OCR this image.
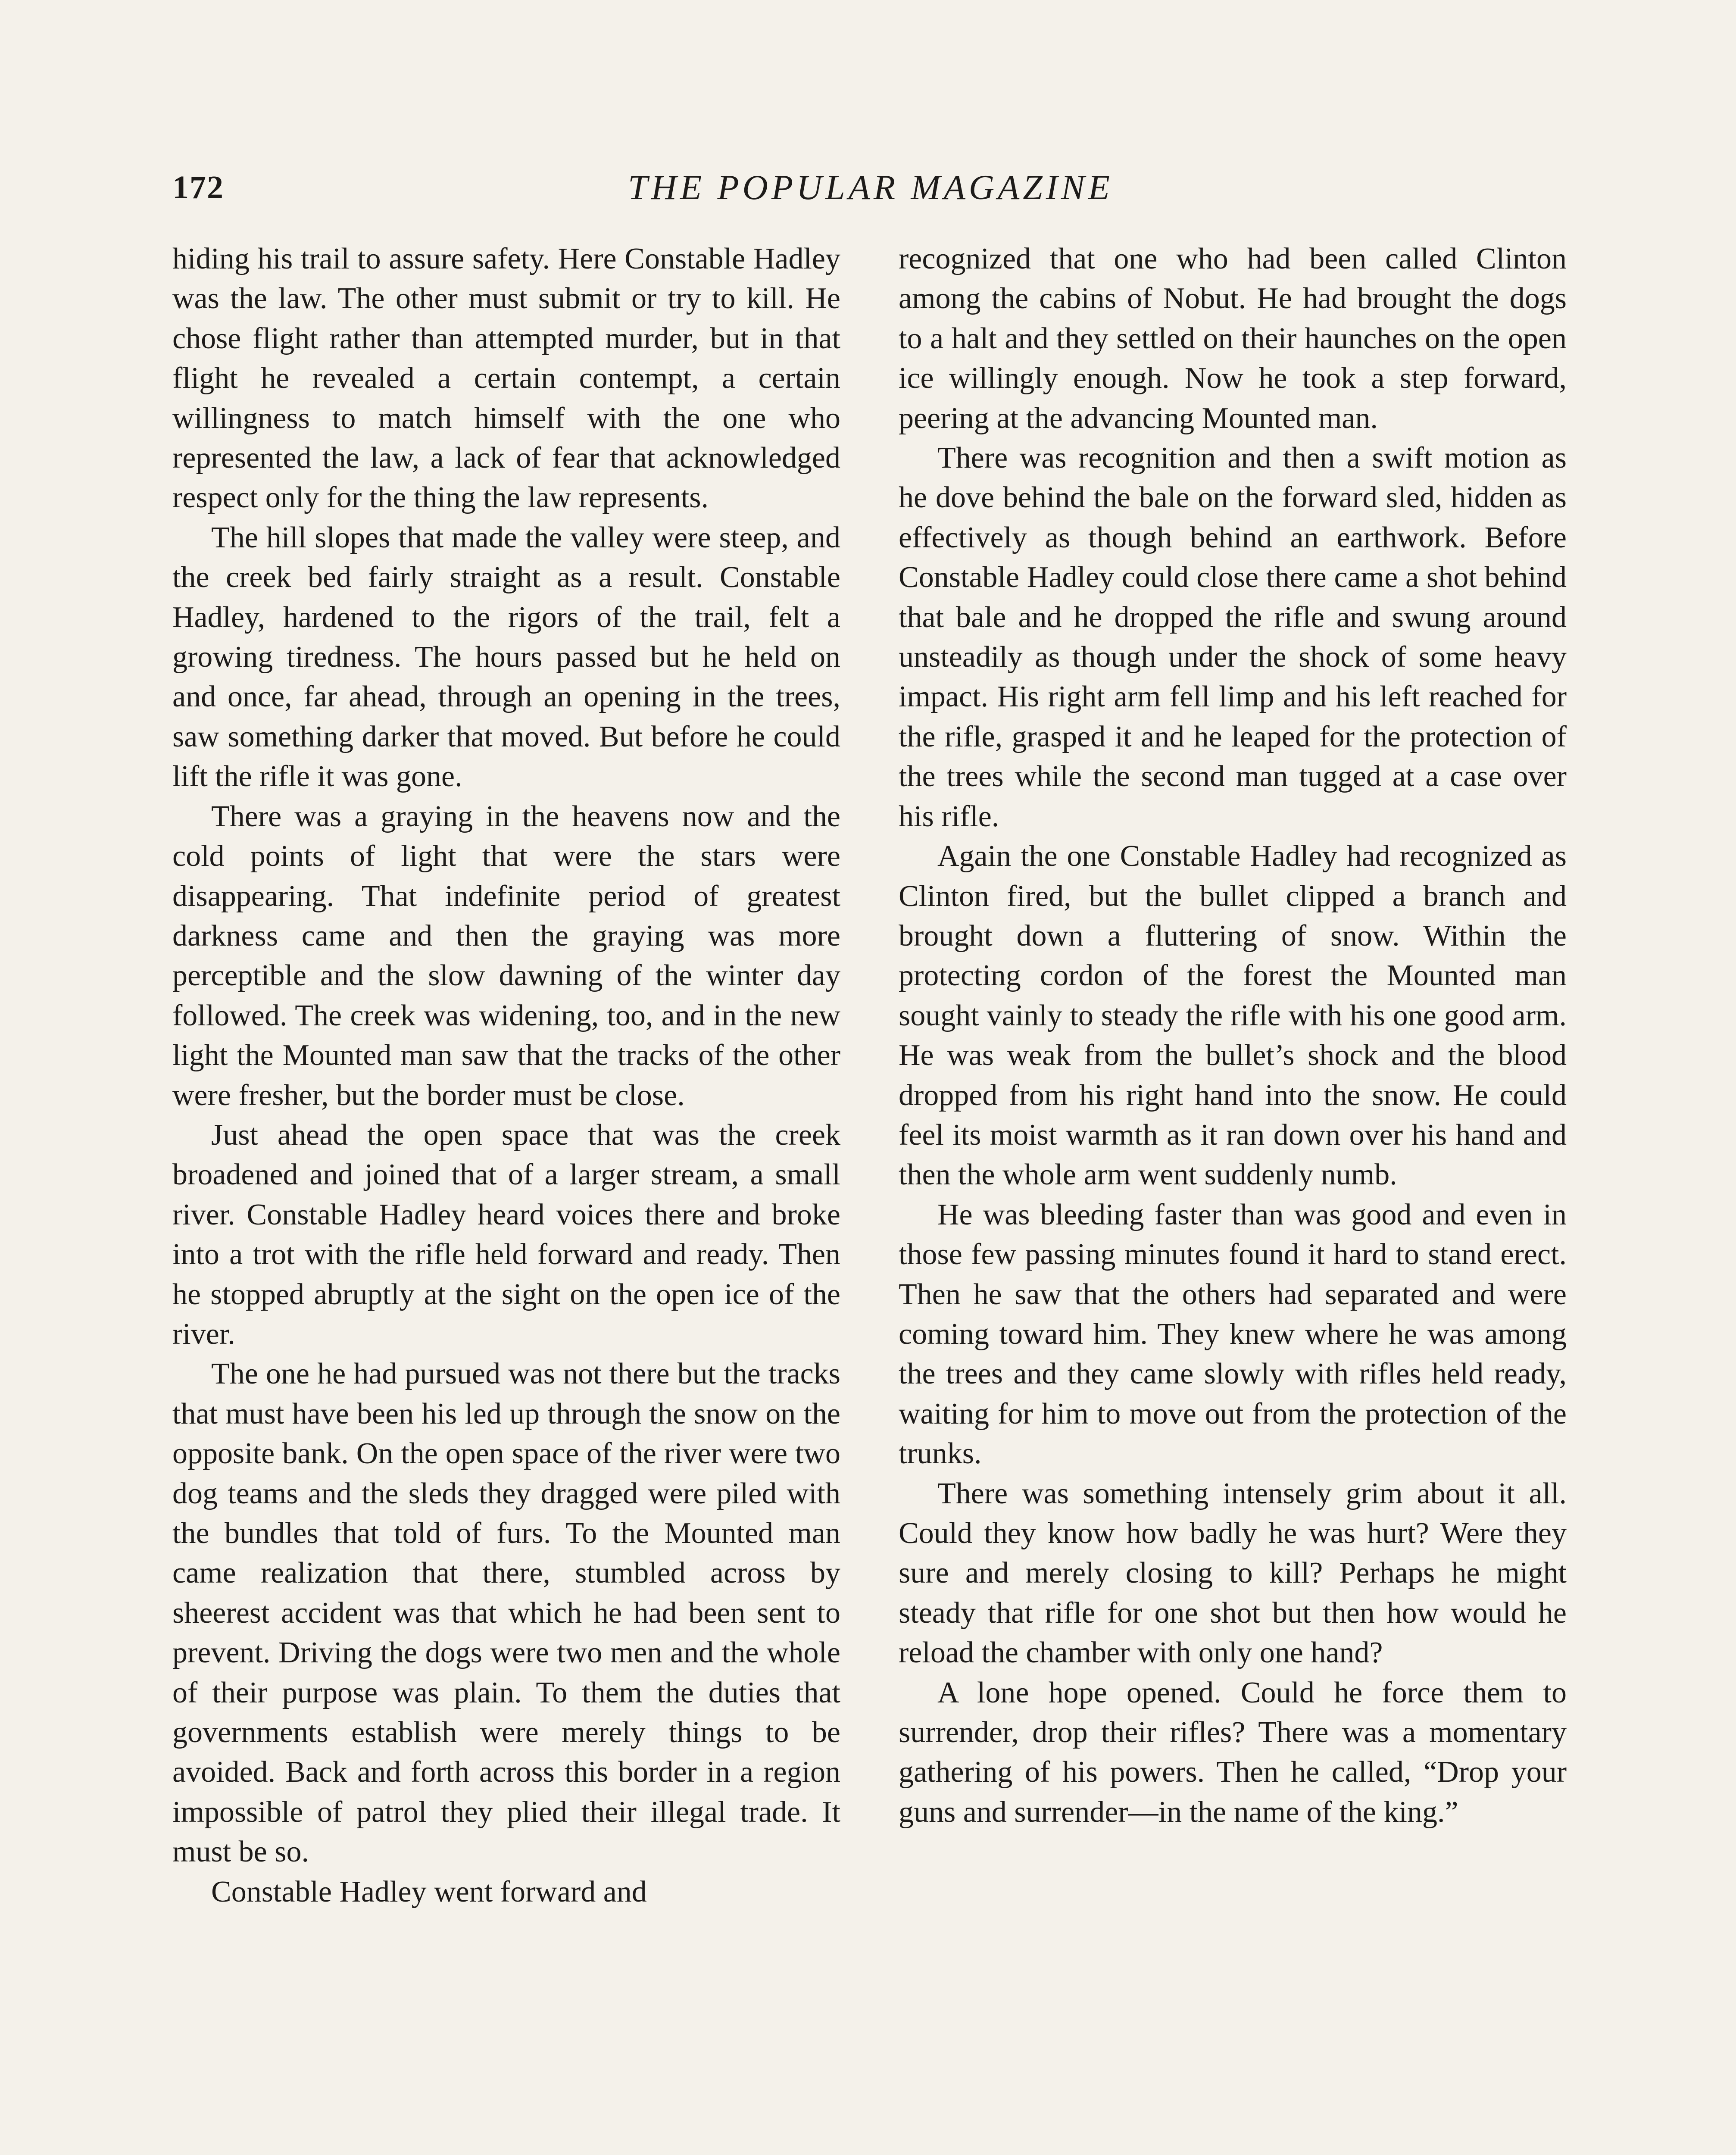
172	THE POPULAR MAGAZINE

hiding his trail to assure safety. Here Constable Hadley was the law. The other must submit or try to kill. He chose flight rather than attempted murder, but in that flight he revealed a certain contempt, a certain willingness to match himself with the one who represented the law, a lack of fear that acknowledged respect only for the thing the law represents.

The hill slopes that made the valley were steep, and the creek bed fairly straight as a result. Constable Hadley, hardened to the rigors of the trail, felt a growing tiredness. The hours passed but he held on and once, far ahead, through an opening in the trees, saw something darker that moved. But before he could lift the rifle it was gone.

There was a graying in the heavens now and the cold points of light that were the stars were disappearing. That indefinite period of greatest darkness came and then the graying was more perceptible and the slow dawning of the winter day followed. The creek was widening, too, and in the new light the Mounted man saw that the tracks of the other were fresher, but the border must be close.

Just ahead the open space that was the creek broadened and joined that of a larger stream, a small river. Constable Hadley heard voices there and broke into a trot with the rifle held forward and ready. Then he stopped abruptly at the sight on the open ice of the river.

The one he had pursued was not there but the tracks that must have been his led up through the snow on the opposite bank. On the open space of the river were two dog teams and the sleds they dragged were piled with the bundles that told of furs. To the Mounted man came realization that there, stumbled across by sheerest accident was that which he had been sent to prevent. Driving the dogs were two men and the whole of their purpose was plain. To them the duties that governments establish were merely things to be avoided. Back and forth across this border in a region impossible of patrol they plied their illegal trade. It must be so.

Constable Hadley went forward and

recognized that one who had been called Clinton among the cabins of Nobut. He had brought the dogs to a halt and they settled on their haunches on the open ice willingly enough. Now he took a step forward, peering at the advancing Mounted man.

There was recognition and then a swift motion as he dove behind the bale on the forward sled, hidden as effectively as though behind an earthwork. Before Constable Hadley could close there came a shot behind that bale and he dropped the rifle and swung around unsteadily as though under the shock of some heavy impact. His right arm fell limp and his left reached for the rifle, grasped it and he leaped for the protection of the trees while the second man tugged at a case over his rifle.

Again the one Constable Hadley had recognized as Clinton fired, but the bullet clipped a branch and brought down a fluttering of snow. Within the protecting cordon of the forest the Mounted man sought vainly to steady the rifle with his one good arm. He was weak from the bullet’s shock and the blood dropped from his right hand into the snow. He could feel its moist warmth as it ran down over his hand and then the whole arm went suddenly numb.

He was bleeding faster than was good and even in those few passing minutes found it hard to stand erect. Then he saw that the others had separated and were coming toward him. They knew where he was among the trees and they came slowly with rifles held ready, waiting for him to move out from the protection of the trunks.

There was something intensely grim about it all. Could they know how badly he was hurt? Were they sure and merely closing to kill? Perhaps he might steady that rifle for one shot but then how would he reload the chamber with only one hand?

A lone hope opened. Could he force them to surrender, drop their rifles? There was a momentary gathering of his powers. Then he called, “Drop your guns and surrender—in the name of the king.”
